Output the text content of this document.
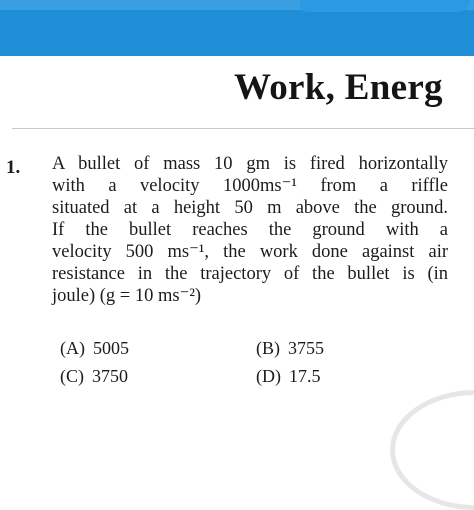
Work, Energ
1. A bullet of mass 10 gm is fired horizontally
with a velocity 1000ms⁻¹ from a riffle
situated at a height 50 m above the ground.
If the bullet reaches the ground with a
velocity 500 ms⁻¹, the work done against air
resistance in the trajectory of the bullet is (in
joule) (g = 10 ms⁻²)
(A) 5005	(B) 3755
(C) 3750	(D) 17.5
